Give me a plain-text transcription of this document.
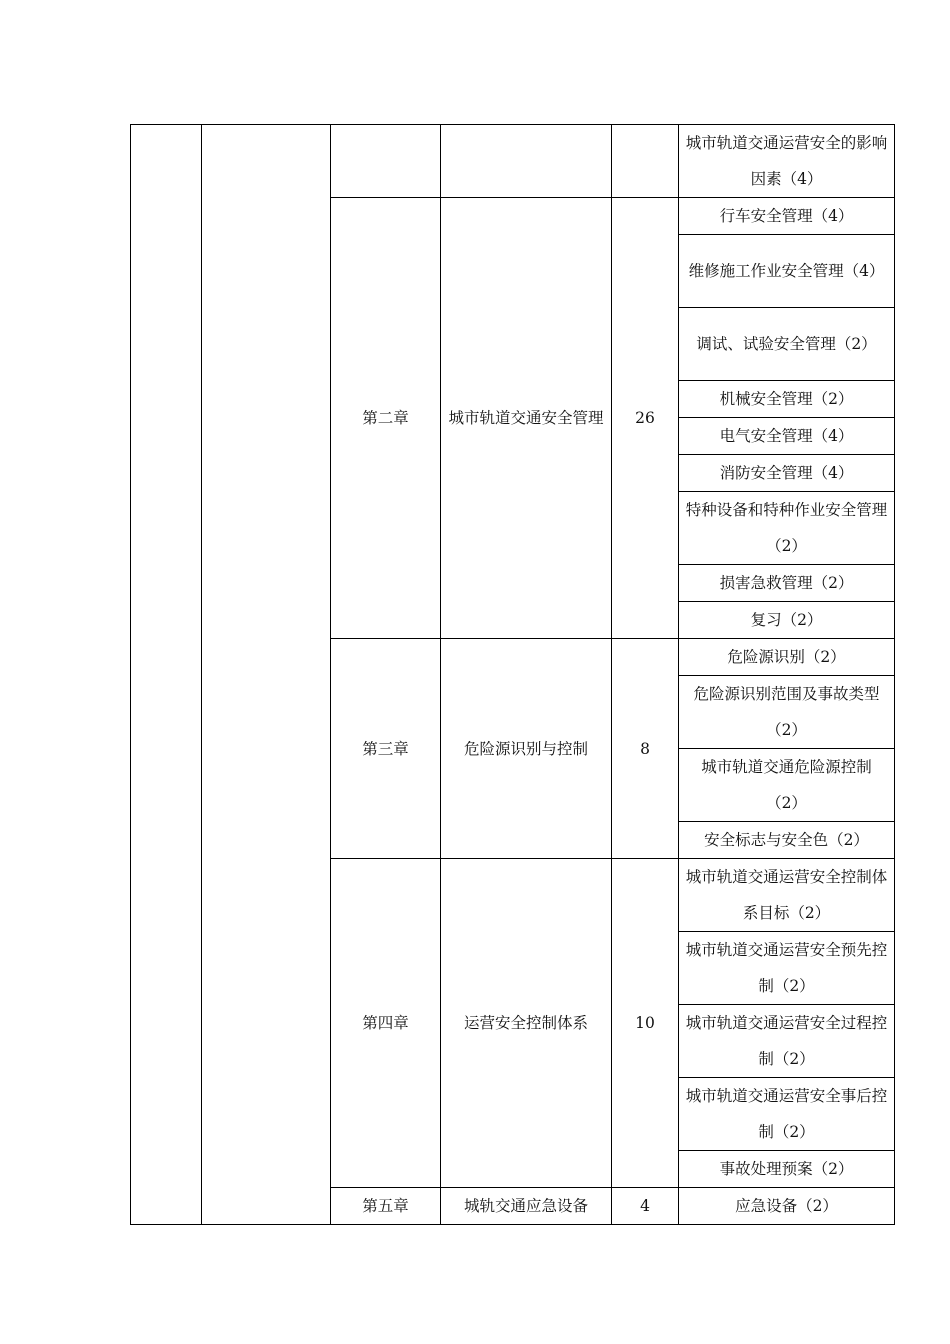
					城市轨道交通运营安全的影响因素（4）
		第二章	城市轨道交通安全管理	26	行车安全管理（4）
					维修施工作业安全管理（4）
					调试、试验安全管理（2）
					机械安全管理（2）
					电气安全管理（4）
					消防安全管理（4）
					特种设备和特种作业安全管理（2）
					损害急救管理（2）
					复习（2）
		第三章	危险源识别与控制	8	危险源识别（2）
					危险源识别范围及事故类型（2）
					城市轨道交通危险源控制（2）
					安全标志与安全色（2）
		第四章	运营安全控制体系	10	城市轨道交通运营安全控制体系目标（2）
					城市轨道交通运营安全预先控制（2）
					城市轨道交通运营安全过程控制（2）
					城市轨道交通运营安全事后控制（2）
					事故处理预案（2）
		第五章	城轨交通应急设备	4	应急设备（2）
